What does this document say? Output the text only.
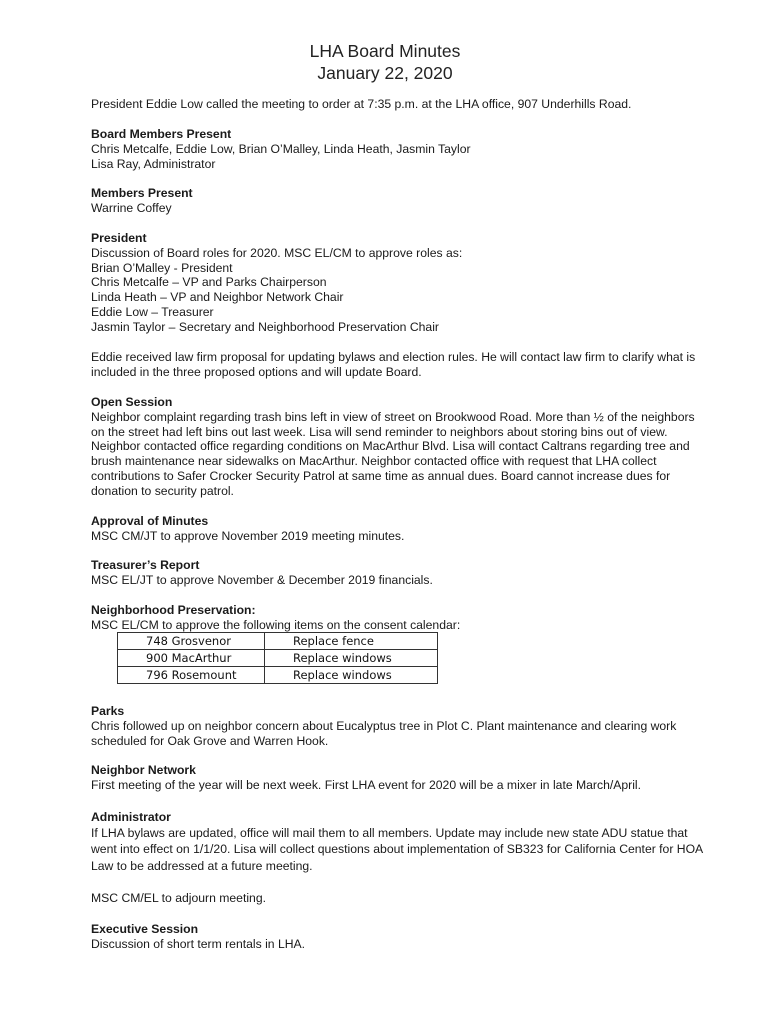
LHA Board Minutes
January 22, 2020
President Eddie Low called the meeting to order at 7:35 p.m. at the LHA office, 907 Underhills Road.
Board Members Present
Chris Metcalfe, Eddie Low, Brian O’Malley, Linda Heath, Jasmin Taylor
Lisa Ray, Administrator
Members Present
Warrine Coffey
President
Discussion of Board roles for 2020. MSC EL/CM to approve roles as:
Brian O’Malley - President
Chris Metcalfe – VP and Parks Chairperson
Linda Heath – VP and Neighbor Network Chair
Eddie Low – Treasurer
Jasmin Taylor – Secretary and Neighborhood Preservation Chair
Eddie received law firm proposal for updating bylaws and election rules. He will contact law firm to clarify what is
included in the three proposed options and will update Board.
Open Session
Neighbor complaint regarding trash bins left in view of street on Brookwood Road. More than ½ of the neighbors
on the street had left bins out last week. Lisa will send reminder to neighbors about storing bins out of view.
Neighbor contacted office regarding conditions on MacArthur Blvd. Lisa will contact Caltrans regarding tree and
brush maintenance near sidewalks on MacArthur. Neighbor contacted office with request that LHA collect
contributions to Safer Crocker Security Patrol at same time as annual dues. Board cannot increase dues for
donation to security patrol.
Approval of Minutes
MSC CM/JT to approve November 2019 meeting minutes.
Treasurer’s Report
MSC EL/JT to approve November & December 2019 financials.
Neighborhood Preservation:
MSC EL/CM to approve the following items on the consent calendar:
748 Grosvenor	Replace fence
900 MacArthur	Replace windows
796 Rosemount	Replace windows
Parks
Chris followed up on neighbor concern about Eucalyptus tree in Plot C. Plant maintenance and clearing work
scheduled for Oak Grove and Warren Hook.
Neighbor Network
First meeting of the year will be next week. First LHA event for 2020 will be a mixer in late March/April.
Administrator
If LHA bylaws are updated, office will mail them to all members. Update may include new state ADU statue that
went into effect on 1/1/20. Lisa will collect questions about implementation of SB323 for California Center for HOA
Law to be addressed at a future meeting.
MSC CM/EL to adjourn meeting.
Executive Session
Discussion of short term rentals in LHA.
